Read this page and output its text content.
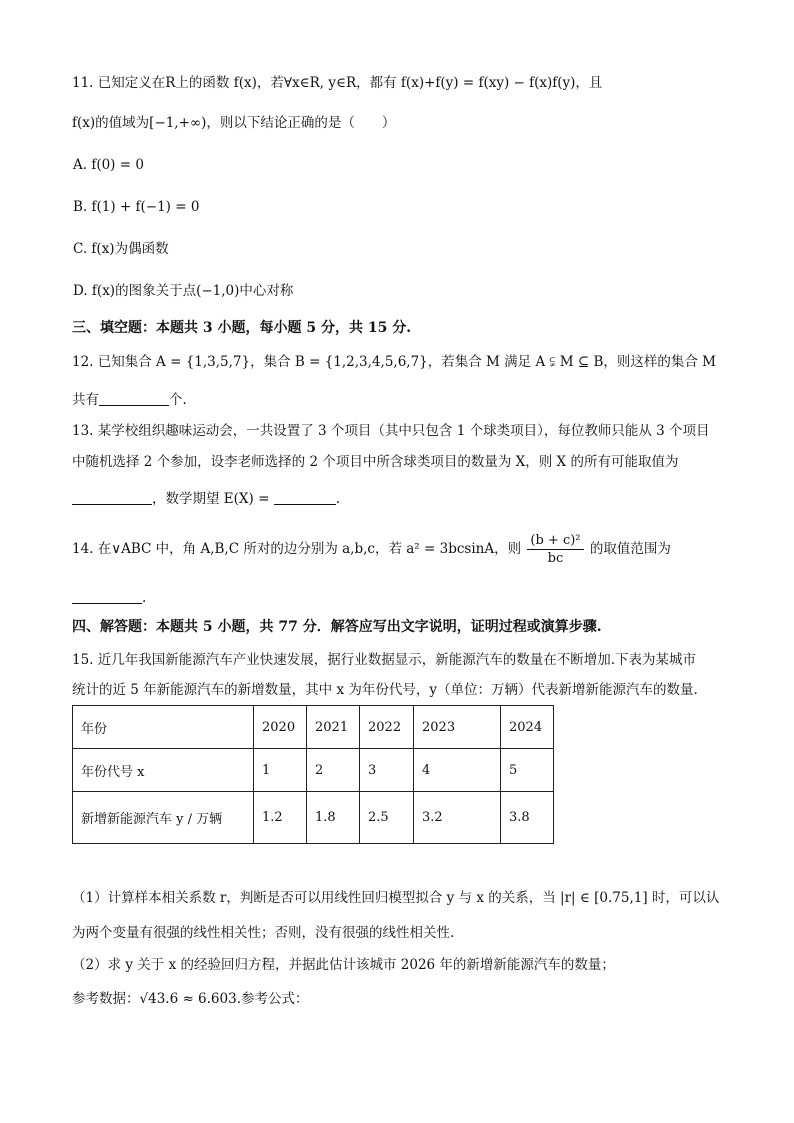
11. 已知定义在R上的函数 f(x)，若∀x∈R, y∈R，都有 f(x)+f(y) = f(xy) − f(x)f(y)，且
f(x)的值域为[−1,+∞)，则以下结论正确的是（　　）
A. f(0) = 0
B. f(1) + f(−1) = 0
C. f(x)为偶函数
D. f(x)的图象关于点(−1,0)中心对称
三、填空题：本题共 3 小题，每小题 5 分，共 15 分.
12. 已知集合 A = {1,3,5,7}，集合 B = {1,2,3,4,5,6,7}，若集合 M 满足 A ⫋ M ⊆ B，则这样的集合 M
共有	个.
13. 某学校组织趣味运动会，一共设置了 3 个项目（其中只包含 1 个球类项目），每位教师只能从 3 个项目
中随机选择 2 个参加，设李老师选择的 2 个项目中所含球类项目的数量为 X，则 X 的所有可能取值为
，数学期望 E(X) =	.
14. 在∨ABC 中，角 A,B,C 所对的边分别为 a,b,c，若 a² = 3bcsinA，则 $\frac{\text{(b + c)²}}{bc}$ 的取值范围为
.
四、解答题：本题共 5 小题，共 77 分．解答应写出文字说明，证明过程或演算步骤.
15. 近几年我国新能源汽车产业快速发展，据行业数据显示，新能源汽车的数量在不断增加.下表为某城市
统计的近 5 年新能源汽车的新增数量，其中 x 为年份代号，y（单位：万辆）代表新增新能源汽车的数量.
年份	2020	2021	2022	2023	2024
年份代号 x	1	2	3	4	5
新增新能源汽车 y / 万辆	1.2	1.8	2.5	3.2	3.8
（1）计算样本相关系数 r，判断是否可以用线性回归模型拟合 y 与 x 的关系，当 |r| ∈ [0.75,1] 时，可以认
为两个变量有很强的线性相关性；否则，没有很强的线性相关性.
（2）求 y 关于 x 的经验回归方程，并据此估计该城市 2026 年的新增新能源汽车的数量；
参考数据：√43.6 ≈ 6.603.参考公式：
